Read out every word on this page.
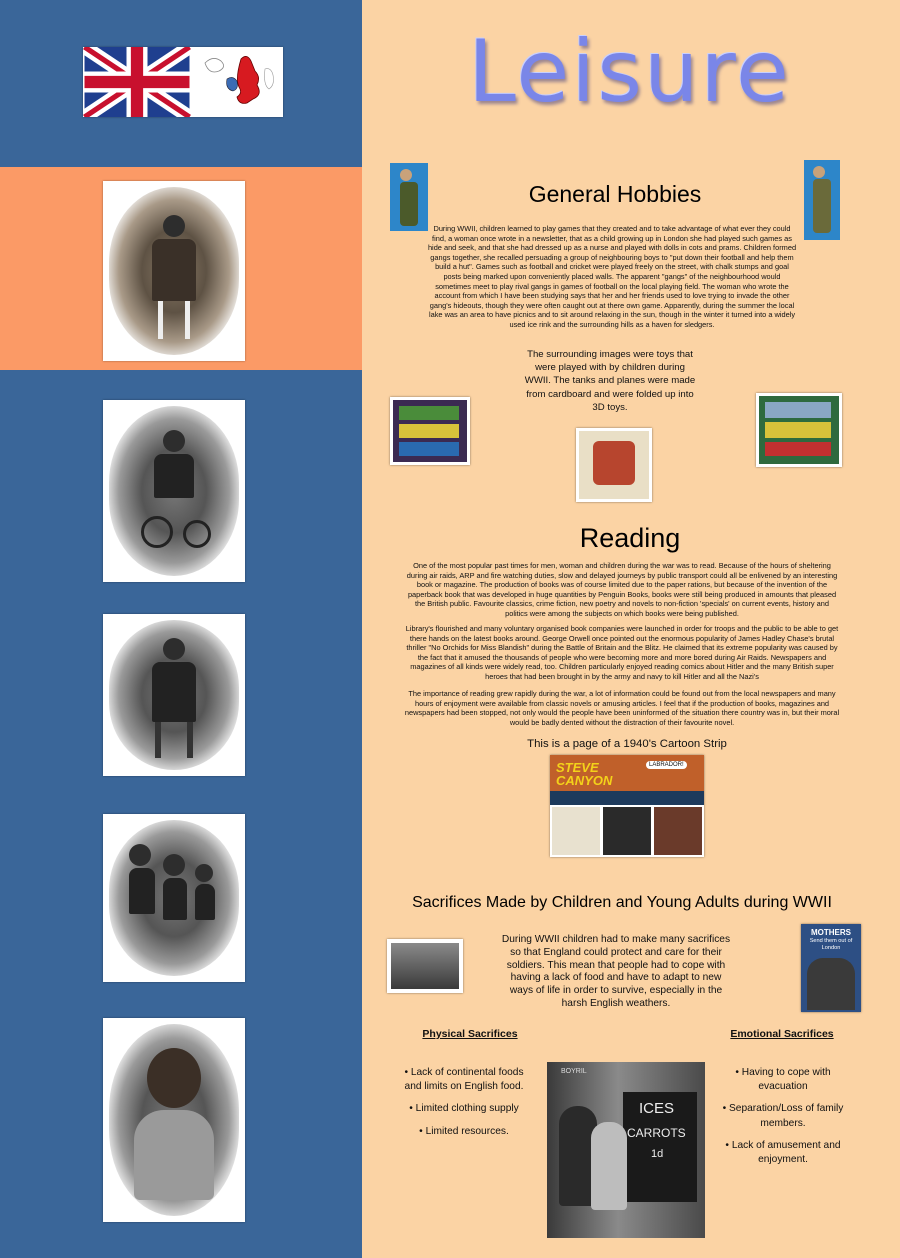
Leisure
General Hobbies

During WWII, children learned to play games that they created and to take advantage of what ever they could find, a woman once wrote in a newsletter, that as a child growing up in London she had played such games as hide and seek, and that she had dressed up as a nurse and played with dolls in cots and prams. Children formed gangs together, she recalled persuading a group of neighbouring boys to "put down their football and help them build a hut". Games such as football and cricket were played freely on the street, with chalk stumps and goal posts being marked upon conveniently placed walls. The apparent "gangs" of the neighbourhood would sometimes meet to play rival gangs in games of football on the local playing field. The woman who wrote the account from which I have been studying says that her and her friends used to love trying to invade the other gang's hideouts, though they were often caught out at there own game. Apparently, during the summer the local lake was an area to have picnics and to sit around relaxing in the sun, though in the winter it turned into a widely used ice rink and the surrounding hills as a haven for sledgers.

The surrounding images were toys that were played with by children during WWII. The tanks and planes were made from cardboard and were folded up into 3D toys.

Reading

One of the most popular past times for men, woman and children during the war was to read. Because of the hours of sheltering during air raids, ARP and fire watching duties, slow and delayed journeys by public transport could all be enlivened by an interesting book or magazine. The production of books was of course limited due to the paper rations, but because of the invention of the paperback book that was developed in huge quantities by Penguin Books, books were still being produced in amounts that pleased the British public. Favourite classics, crime fiction, new poetry and novels to non-fiction 'specials' on current events, history and politics were among the subjects on which books were being published.

Library's flourished and many voluntary organised book companies were launched in order for troops and the public to be able to get there hands on the latest books around. George Orwell once pointed out the enormous popularity of James Hadley Chase's brutal thriller "No Orchids for Miss Blandish" during the Battle of Britain and the Blitz. He claimed that its extreme popularity was caused by the fact that it amused the thousands of people who were becoming more and more bored during Air Raids. Newspapers and magazines of all kinds were widely read, too. Children particularly enjoyed reading comics about Hitler and the many British super heroes that had been brought in by the army and navy to kill Hitler and all the Nazi's

The importance of reading grew rapidly during the war, a lot of information could be found out from the local newspapers and many hours of enjoyment were available from classic novels or amusing articles. I feel that if the production of books, magazines and newspapers had been stopped, not only would the people have been uninformed of the situation there country was in, but their moral would be badly dented without the distraction of their favourite novel.

This is a page of a 1940's Cartoon Strip

STEVE CANYON
LABRADOR!
Sacrifices Made by Children and Young Adults during WWII

During WWII children had to make many sacrifices so that England could protect and care for their soldiers. This mean that people had to cope with having a lack of food and have to adapt to new ways of life in order to survive, especially in the harsh English weathers.

MOTHERS
Send them out of London
Physical Sacrifices

• Lack of continental foods and limits on English food.

• Limited clothing supply

• Limited resources.

Emotional Sacrifices

• Having to cope with evacuation

• Separation/Loss of family members.

• Lack of amusement and enjoyment.

BOYRIL
ICES
CARROTS
1d
